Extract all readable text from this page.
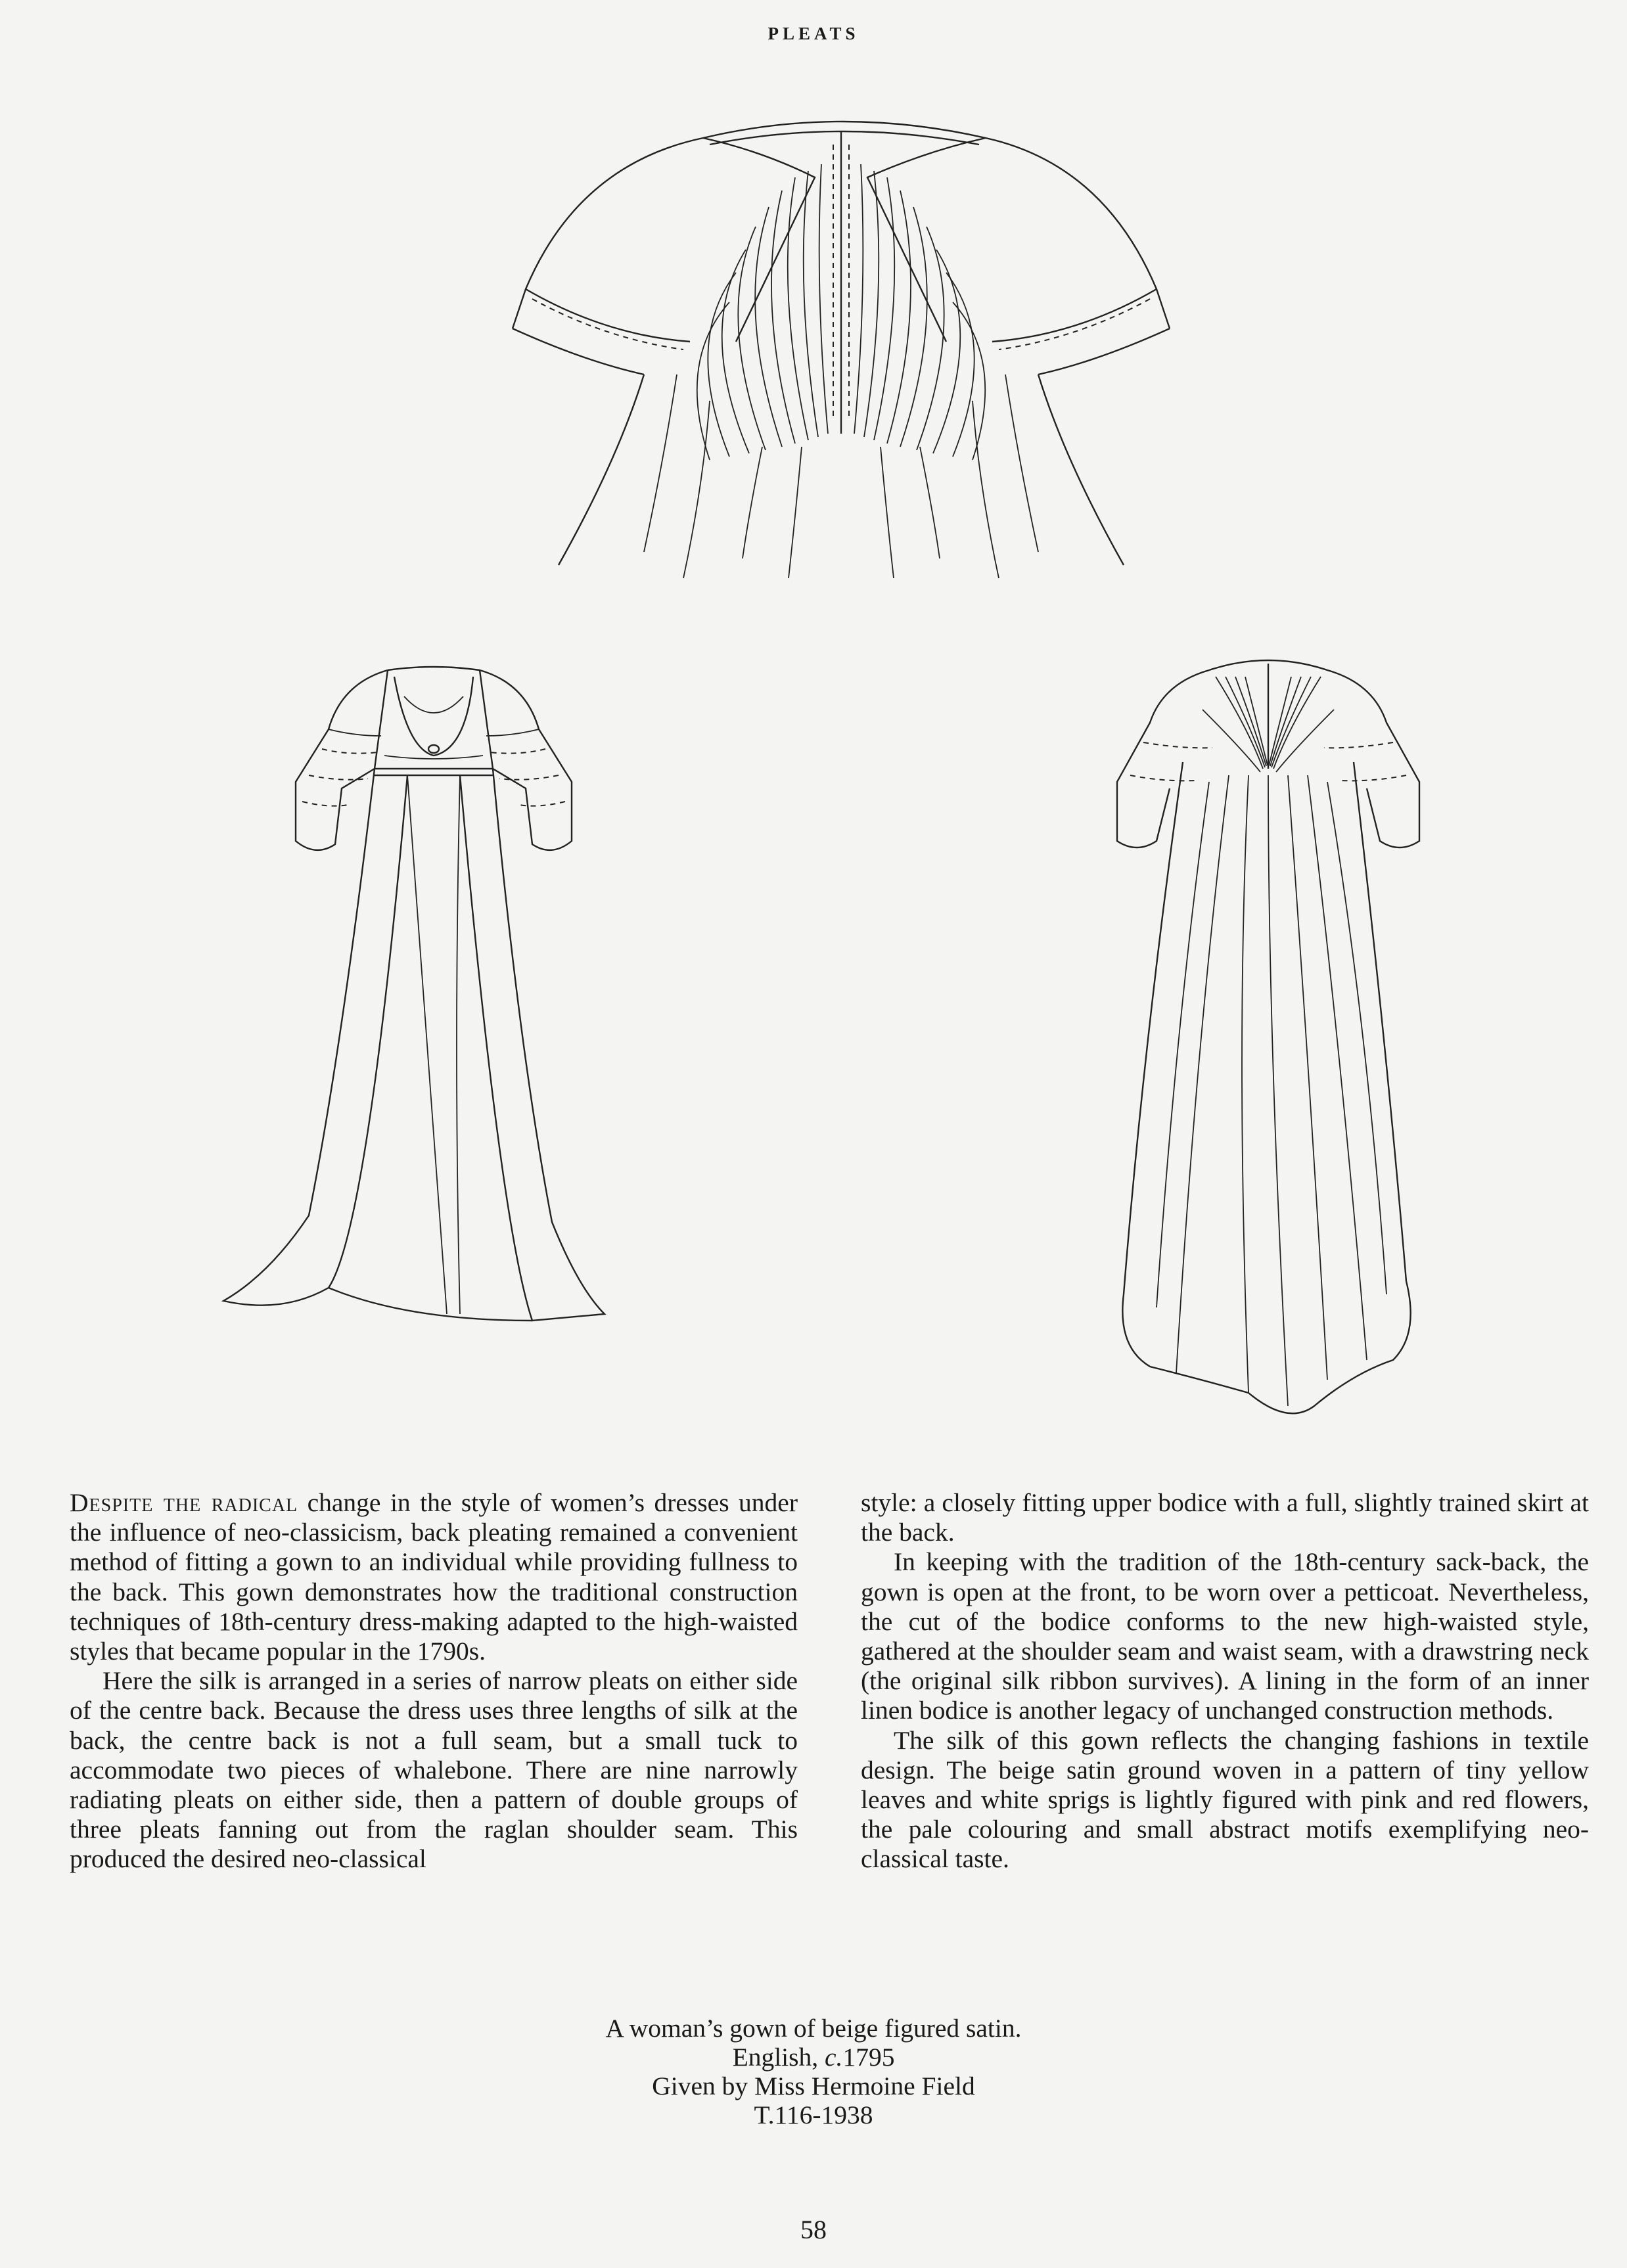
PLEATS

Despite the radical change in the style of women’s dresses under the influence of neo-classicism, back pleating remained a convenient method of fitting a gown to an individual while providing fullness to the back. This gown demonstrates how the traditional construction techniques of 18th-century dress-making adapted to the high-waisted styles that became popular in the 1790s.

Here the silk is arranged in a series of narrow pleats on either side of the centre back. Because the dress uses three lengths of silk at the back, the centre back is not a full seam, but a small tuck to accommodate two pieces of whalebone. There are nine narrowly radiating pleats on either side, then a pattern of double groups of three pleats fanning out from the raglan shoulder seam. This produced the desired neo-classical

style: a closely fitting upper bodice with a full, slightly trained skirt at the back.

In keeping with the tradition of the 18th-century sack-back, the gown is open at the front, to be worn over a petticoat. Nevertheless, the cut of the bodice conforms to the new high-waisted style, gathered at the shoulder seam and waist seam, with a drawstring neck (the original silk ribbon survives). A lining in the form of an inner linen bodice is another legacy of unchanged construction methods.

The silk of this gown reflects the changing fashions in textile design. The beige satin ground woven in a pattern of tiny yellow leaves and white sprigs is lightly figured with pink and red flowers, the pale colouring and small abstract motifs exemplifying neo-classical taste.

A woman’s gown of beige figured satin.
English, c.1795
Given by Miss Hermoine Field
T.116-1938
58
